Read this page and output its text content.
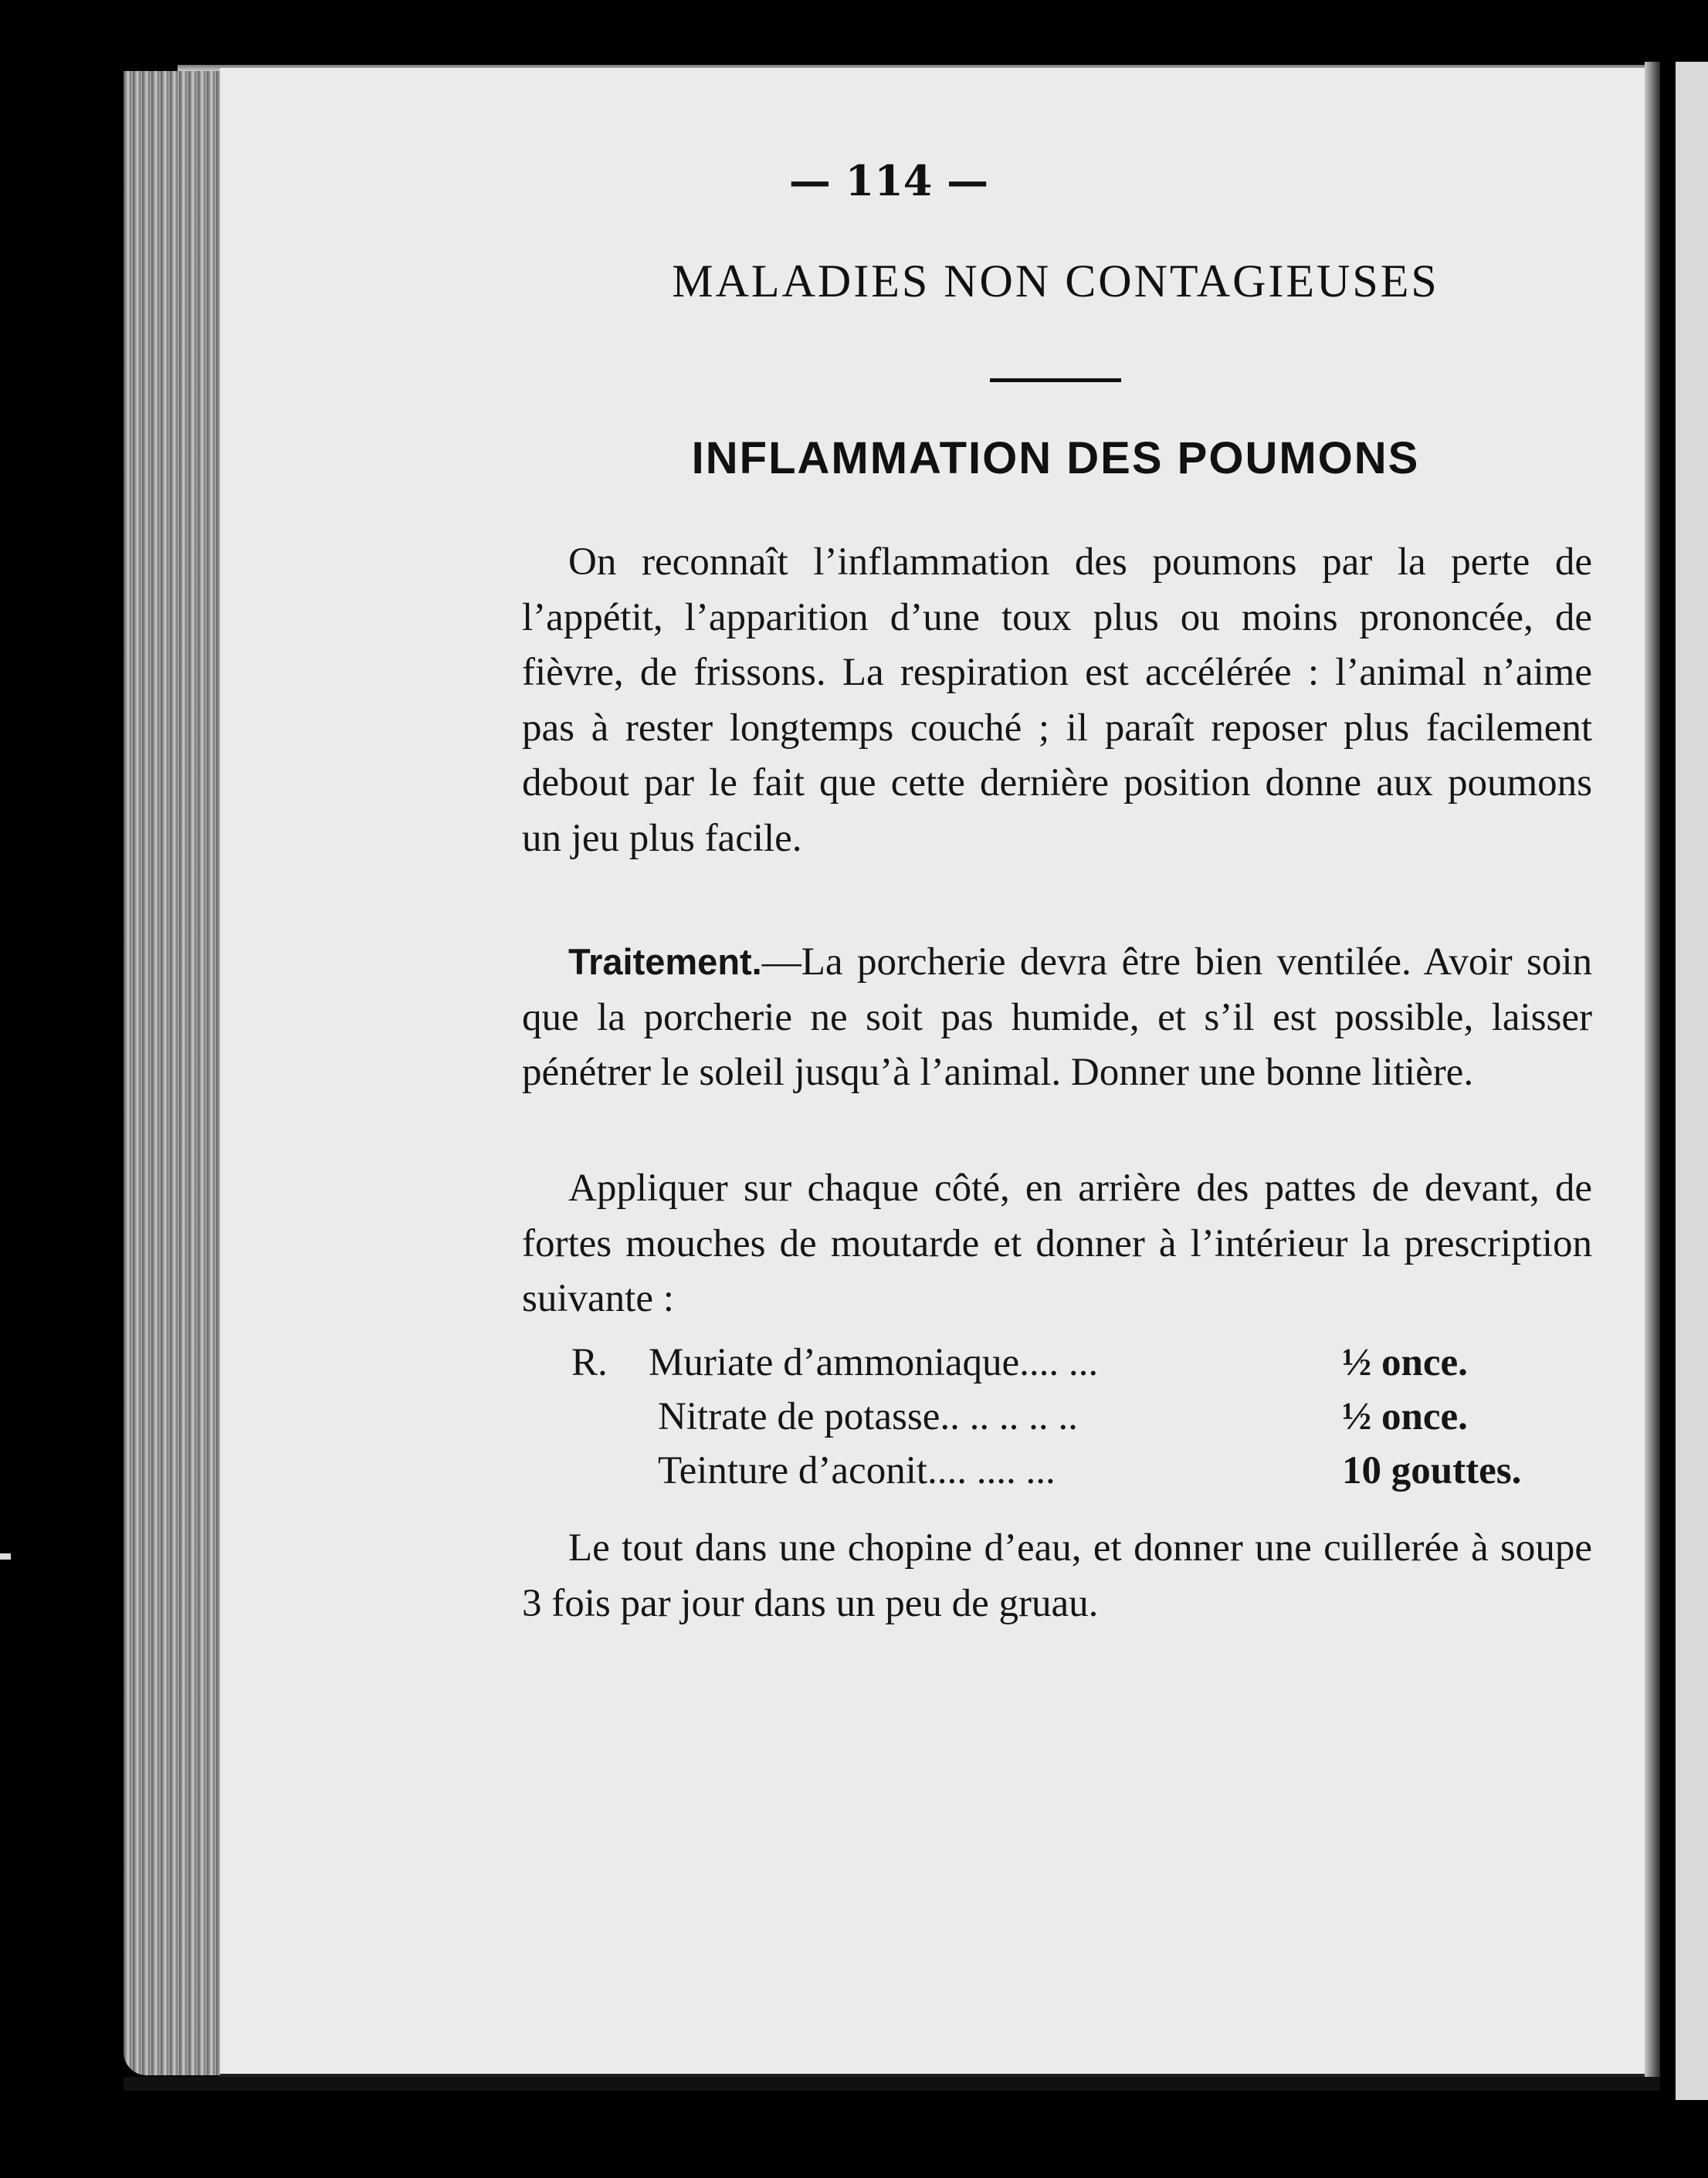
— 114 —
MALADIES NON CONTAGIEUSES
INFLAMMATION DES POUMONS

On reconnaît l’inflammation des poumons par la perte de l’appétit, l’apparition d’une toux plus ou moins prononcée, de fièvre, de frissons. La respiration est accélérée : l’animal n’aime pas à rester longtemps couché ; il paraît reposer plus facilement debout par le fait que cette dernière position donne aux poumons un jeu plus facile.

Traitement.—La porcherie devra être bien ventilée. Avoir soin que la porcherie ne soit pas humide, et s’il est possible, laisser pénétrer le soleil jusqu’à l’animal. Donner une bonne litière.

Appliquer sur chaque côté, en arrière des pattes de devant, de fortes mouches de moutarde et donner à l’intérieur la prescription suivante :

R. Muriate d’ammoniaque.... ...	½ once.
Nitrate de potasse.. .. .. .. ..	½ once.
Teinture d’aconit.... .... ...	10 gouttes.

Le tout dans une chopine d’eau, et donner une cuillerée à soupe 3 fois par jour dans un peu de gruau.
